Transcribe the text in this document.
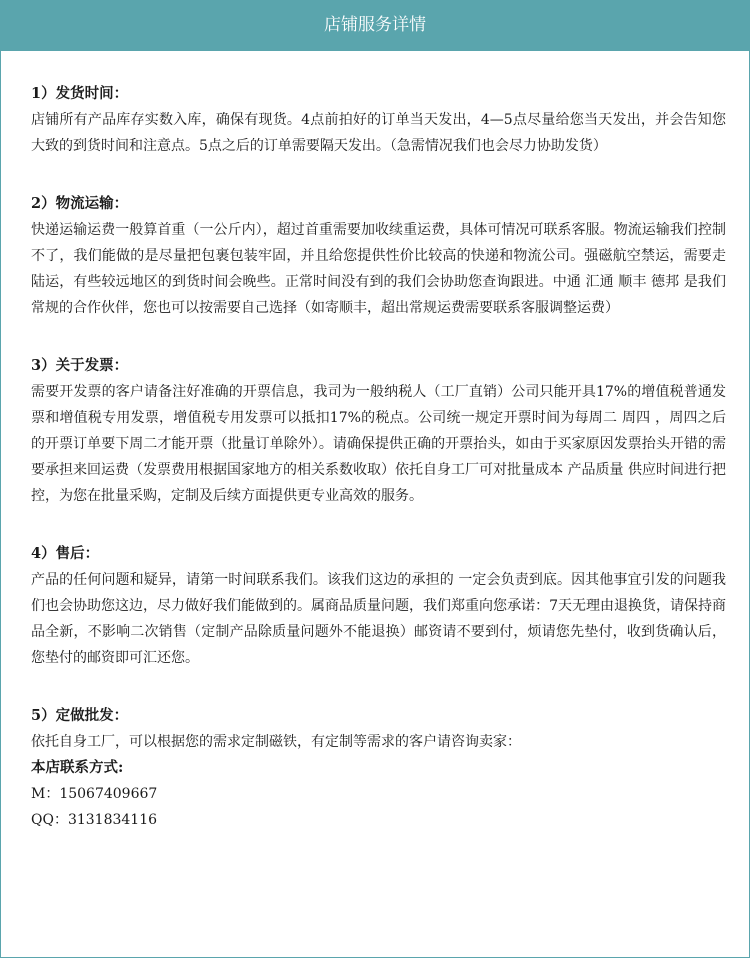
店铺服务详情
1）发货时间：
店铺所有产品库存实数入库，确保有现货。4点前拍好的订单当天发出，4—5点尽量给您当天发出，并会告知您大致的到货时间和注意点。5点之后的订单需要隔天发出。（急需情况我们也会尽力协助发货）
2）物流运输：
快递运输运费一般算首重（一公斤内），超过首重需要加收续重运费，具体可情况可联系客服。物流运输我们控制不了，我们能做的是尽量把包裹包装牢固，并且给您提供性价比较高的快递和物流公司。强磁航空禁运，需要走陆运，有些较远地区的到货时间会晚些。正常时间没有到的我们会协助您查询跟进。中通 汇通 顺丰 德邦 是我们常规的合作伙伴，您也可以按需要自己选择（如寄顺丰，超出常规运费需要联系客服调整运费）
3）关于发票：
需要开发票的客户请备注好准确的开票信息，我司为一般纳税人（工厂直销）公司只能开具17%的增值税普通发票和增值税专用发票，增值税专用发票可以抵扣17%的税点。公司统一规定开票时间为每周二 周四 ，周四之后的开票订单要下周二才能开票（批量订单除外）。请确保提供正确的开票抬头，如由于买家原因发票抬头开错的需要承担来回运费（发票费用根据国家地方的相关系数收取）依托自身工厂可对批量成本 产品质量 供应时间进行把控，为您在批量采购，定制及后续方面提供更专业高效的服务。
4）售后：
产品的任何问题和疑异，请第一时间联系我们。该我们这边的承担的 一定会负责到底。因其他事宜引发的问题我们也会协助您这边，尽力做好我们能做到的。属商品质量问题，我们郑重向您承诺：7天无理由退换货，请保持商品全新，不影响二次销售（定制产品除质量问题外不能退换）邮资请不要到付，烦请您先垫付，收到货确认后，您垫付的邮资即可汇还您。
5）定做批发：
依托自身工厂，可以根据您的需求定制磁铁，有定制等需求的客户请咨询卖家：
本店联系方式:
M：15067409667
QQ：3131834116
